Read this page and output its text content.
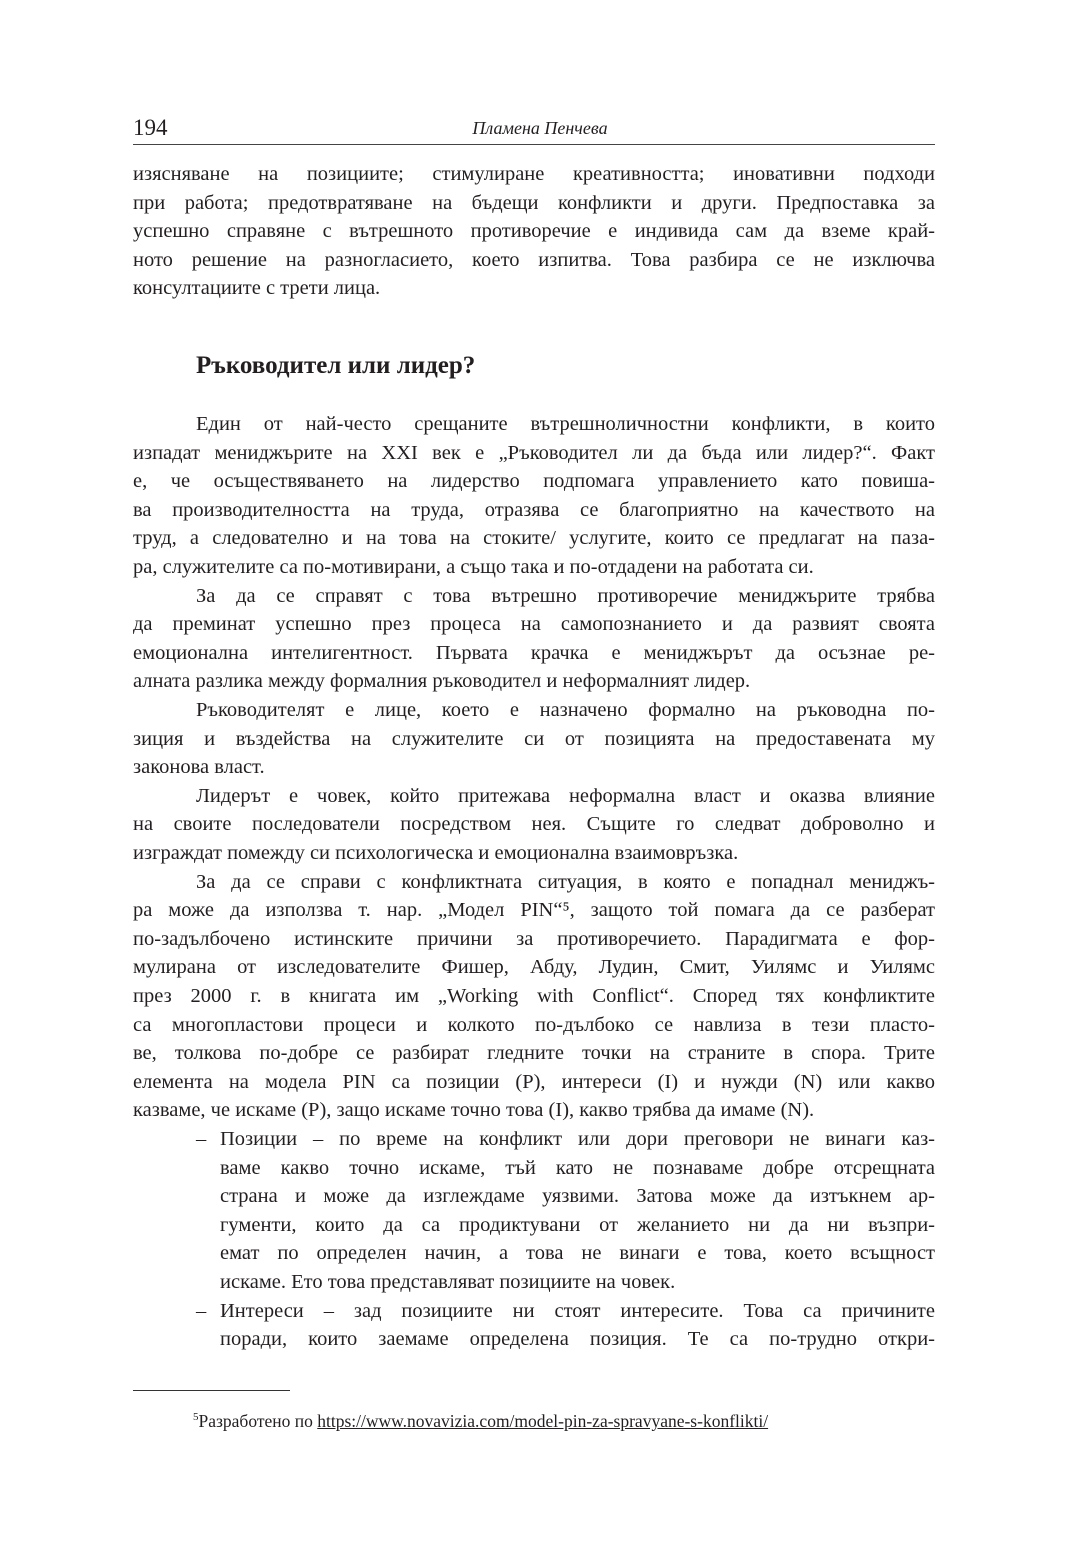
194	Пламена Пенчева
изясняване на позициите; стимулиране креативността; иновативни подходи
при работа; предотвратяване на бъдещи конфликти и други. Предпоставка за
успешно справяне с вътрешното противоречие е индивида сам да вземе край-
ното решение на разногласието, което изпитва. Това разбира се не изключва
консултациите с трети лица.
Ръководител или лидер?
Един от най-често срещаните вътрешноличностни конфликти, в които
изпадат мениджърите на XXI век е „Ръководител ли да бъда или лидер?“. Факт
е, че осъществяването на лидерство подпомага управлението като повиша-
ва производителността на труда, отразява се благоприятно на качеството на
труд, а следователно и на това на стоките/ услугите, които се предлагат на паза-
ра, служителите са по-мотивирани, а също така и по-отдадени на работата си.
За да се справят с това вътрешно противоречие мениджърите трябва
да преминат успешно през процеса на самопознанието и да развият своята
емоционална интелигентност. Първата крачка е мениджърът да осъзнае ре-
алната разлика между формалния ръководител и неформалният лидер.
Ръководителят е лице, което е назначено формално на ръководна по-
зиция и въздейства на служителите си от позицията на предоставената му
законова власт.
Лидерът е човек, който притежава неформална власт и оказва влияние
на своите последователи посредством нея. Същите го следват доброволно и
изграждат помежду си психологическа и емоционална взаимовръзка.
За да се справи с конфликтната ситуация, в която е попаднал мениджъ-
ра може да използва т. нар. „Модел PIN“⁵, защото той помага да се разберат
по-задълбочено истинските причини за противоречието. Парадигмата е фор-
мулирана от изследователите Фишер, Абду, Лудин, Смит, Уилямс и Уилямс
през 2000 г. в книгата им „Working with Conflict“. Според тях конфликтите
са многопластови процеси и колкото по-дълбоко се навлиза в тези пласто-
ве, толкова по-добре се разбират гледните точки на страните в спора. Трите
елемента на модела PIN са позиции (P), интереси (I) и нужди (N) или какво
казваме, че искаме (P), защо искаме точно това (I), какво трябва да имаме (N).
– Позиции – по време на конфликт или дори преговори не винаги каз-
ваме какво точно искаме, тъй като не познаваме добре отсрещната
страна и може да изглеждаме уязвими. Затова може да изтъкнем ар-
гументи, които да са продиктувани от желанието ни да ни възпри-
емат по определен начин, а това не винаги е това, което всъщност
искаме. Ето това представляват позициите на човек.
– Интереси – зад позициите ни стоят интересите. Това са причините
поради, които заемаме определена позиция. Те са по-трудно откри-
$^5$Разработено по https://www.novavizia.com/model-pin-za-spravyane-s-konflikti/
